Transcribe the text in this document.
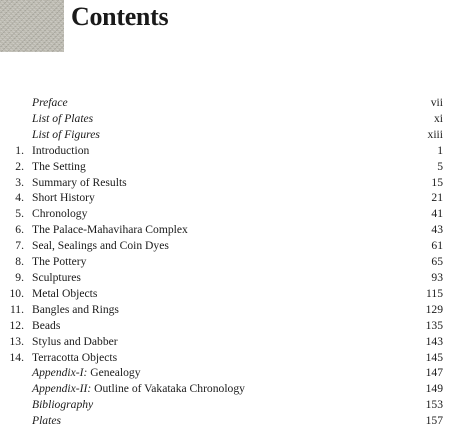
Contents
Preface	vii
List of Plates	xi
List of Figures	xiii
1. Introduction	1
2. The Setting	5
3. Summary of Results	15
4. Short History	21
5. Chronology	41
6. The Palace-Mahavihara Complex	43
7. Seal, Sealings and Coin Dyes	61
8. The Pottery	65
9. Sculptures	93
10. Metal Objects	115
11. Bangles and Rings	129
12. Beads	135
13. Stylus and Dabber	143
14. Terracotta Objects	145
Appendix-I: Genealogy	147
Appendix-II: Outline of Vakataka Chronology	149
Bibliography	153
Plates	157
